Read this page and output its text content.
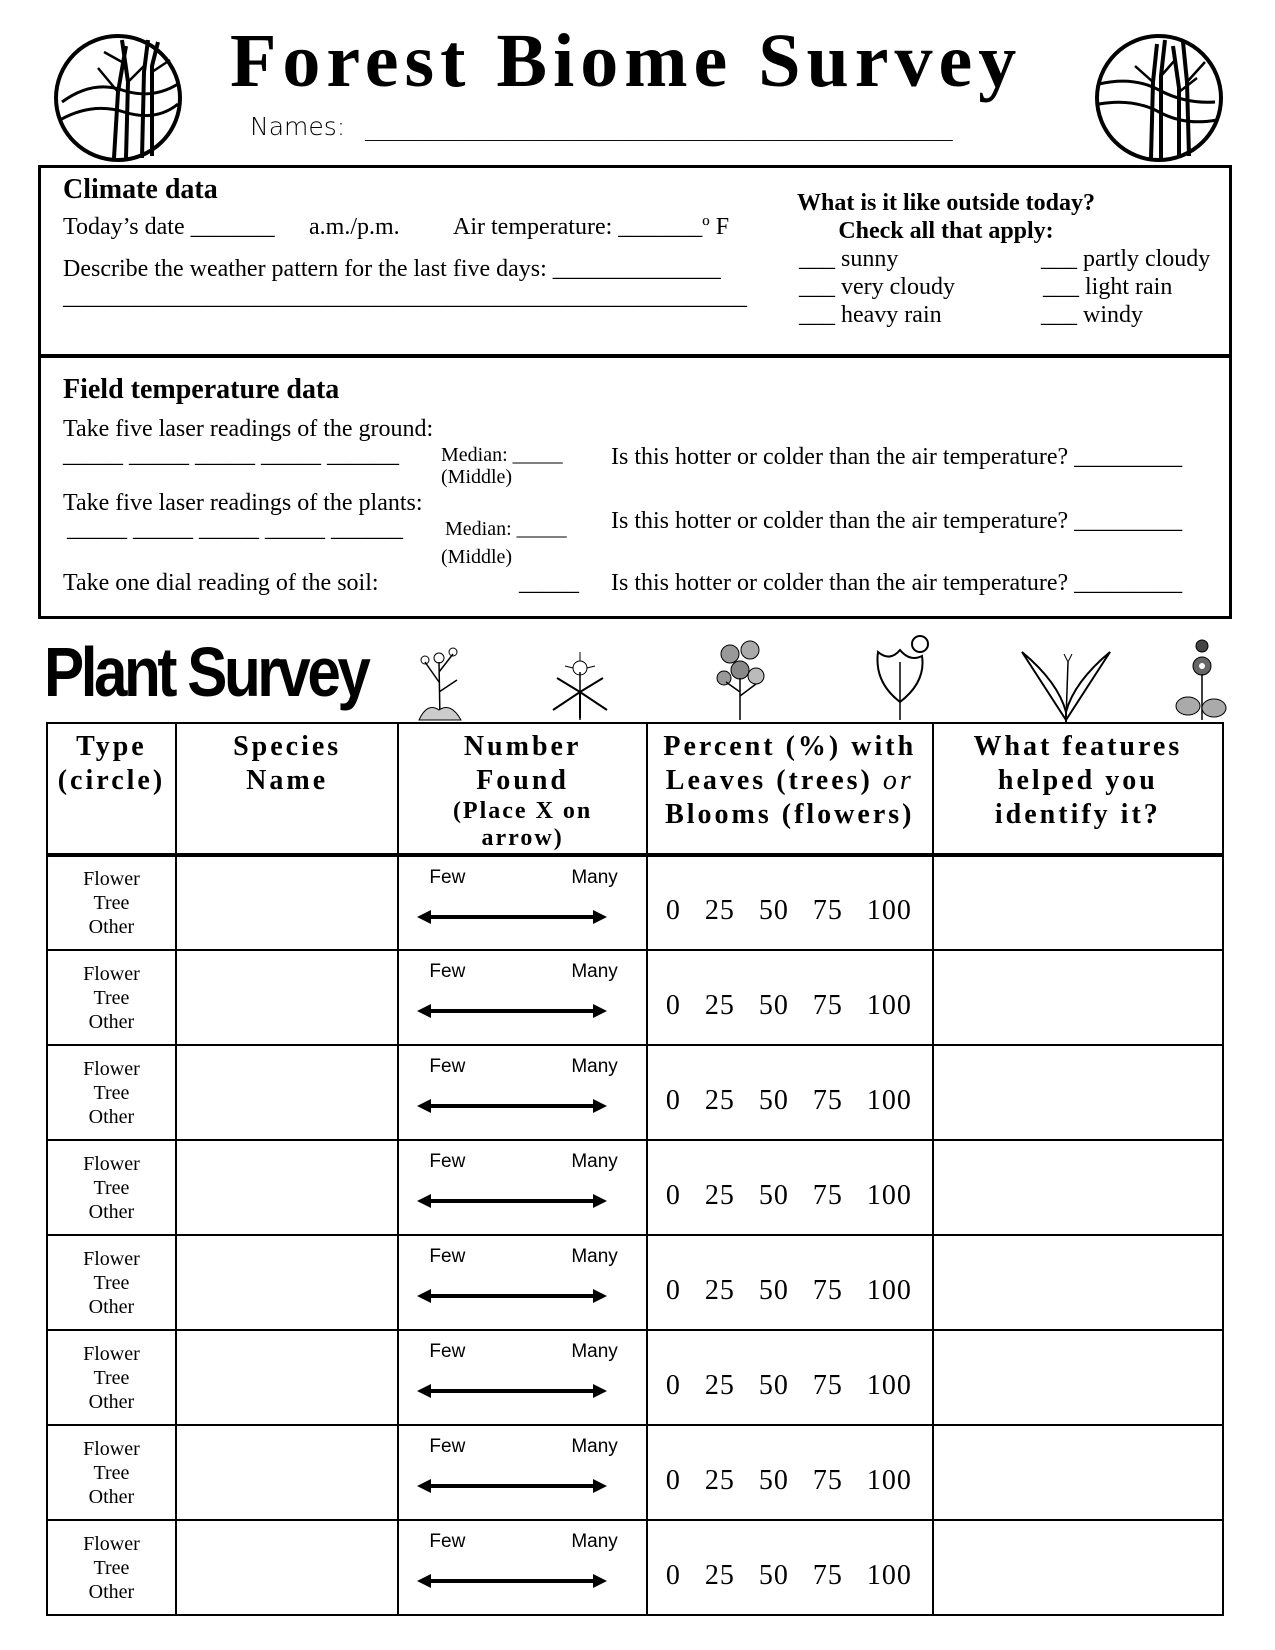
Forest Biome Survey
Names: _______________________________________________
Climate data
Today’s date _______ a.m./p.m. Air temperature: _______º F
Describe the weather pattern for the last five days: ______________
_________________________________________________________
What is it like outside today?
Check all that apply:
___ sunny	___ partly cloudy
___ very cloudy	___ light rain
___ heavy rain	___ windy
Field temperature data
Take five laser readings of the ground:
_____ _____ _____ _____ ______ Median: _____
(Middle)
Is this hotter or colder than the air temperature? _________
Take five laser readings of the plants:
_____ _____ _____ _____ ______ Median: _____
(Middle)
Is this hotter or colder than the air temperature? _________
Take one dial reading of the soil:	_____ Is this hotter or colder than the air temperature? _________
Plant Survey
Type
(circle)	Species
Name	Number
Found
(Place X on
arrow)	Percent (%) with
Leaves (trees) or
Blooms (flowers)	What features
helped you
identify it?

Flower
Tree
Other		Few Many	0 25 50 75 100	

Flower
Tree
Other		Few Many	0 25 50 75 100	

Flower
Tree
Other		Few Many	0 25 50 75 100	

Flower
Tree
Other		Few Many	0 25 50 75 100	

Flower
Tree
Other		Few Many	0 25 50 75 100	

Flower
Tree
Other		Few Many	0 25 50 75 100	

Flower
Tree
Other		Few Many	0 25 50 75 100	

Flower
Tree
Other		Few Many	0 25 50 75 100	
